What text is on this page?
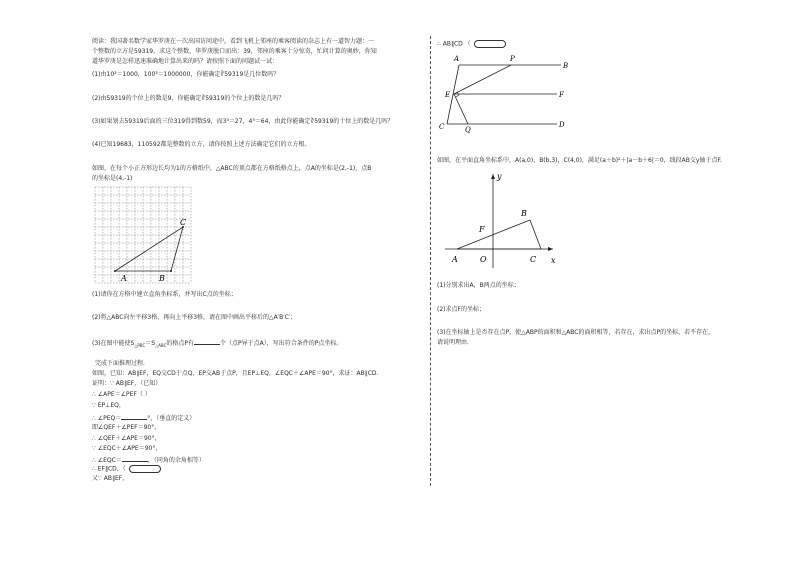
阅读：我国著名数学家华罗庚在一次出国访问途中，看到飞机上邻座的乘客阅读的杂志上有一道智力题：一
个整数的立方是59319，求这个整数，华罗庚脱口而出：39，邻座的乘客十分惊奇，忙问计算的奥妙，你知
道华罗庚是怎样迅速准确地计算出来的吗？请按照下面的问题试一试：
(1)由10³＝1000，100³＝1000000，你能确定∛59319是几位数吗？
(2)由59319的个位上的数是9，你能确定∛59319的个位上的数是几吗？
(3)如果划去59319后面的三位319得到数59，而3³＝27，4³＝64，由此你能确定∛59319的十位上的数是几吗？
(4)已知19683，110592都是整数的立方，请你按照上述方法确定它们的立方根。
如图，在每个小正方形边长均为1的方格纸中，△ABC的顶点都在方格纸格点上，点A的坐标是(2,-1)，点B
的坐标是(4,-1)
A	B
C
(1)请你在方格中建立直角坐标系，并写出C点的坐标；
(2)将△ABC向左平移3格，再向上平移3格，请在图中画出平移后的△A′B′C′；
(3)在图中能使$S_{\triangle PBC}=S_{\triangle ABC}$的格点P有	个（点P异于点A），写出符合条件的P点坐标。
完成下面推理过程.
如图，已知：AB∥EF，EQ交CD于点Q，EP交AB于点P，且EP⊥EQ，∠EQC＋∠APE＝90°，求证：AB∥CD.
证明：∵ AB∥EF，（已知）
∴ ∠APE＝∠PEF（ ）
∵ EP⊥EQ，
∴ ∠PEQ＝	°，（垂直的定义）
即∠QEF＋∠PEF＝90°，
∴ ∠QEF＋∠APE＝90°，
∵ ∠EQC＋∠APE＝90°，
∴ ∠EQC＝	，（同角的余角相等）
∴ EF∥CD，（
又∵ AB∥EF，
∴ AB∥CD （
A	P
B
E	F
C	Q
D
如图，在平面直角坐标系中，A(a,0)，B(b,3)，C(4,0)，满足(a＋b)²＋|a－b＋6|＝0，线段AB交y轴于点F.
y
x
O
A
B
C
F
(1)分别求出A，B两点的坐标；
(2)求点F的坐标；
(3)在坐标轴上是否存在点P，使△ABP的面积和△ABC的面积相等，若存在，求出点P的坐标，若不存在，
请说明理由.
